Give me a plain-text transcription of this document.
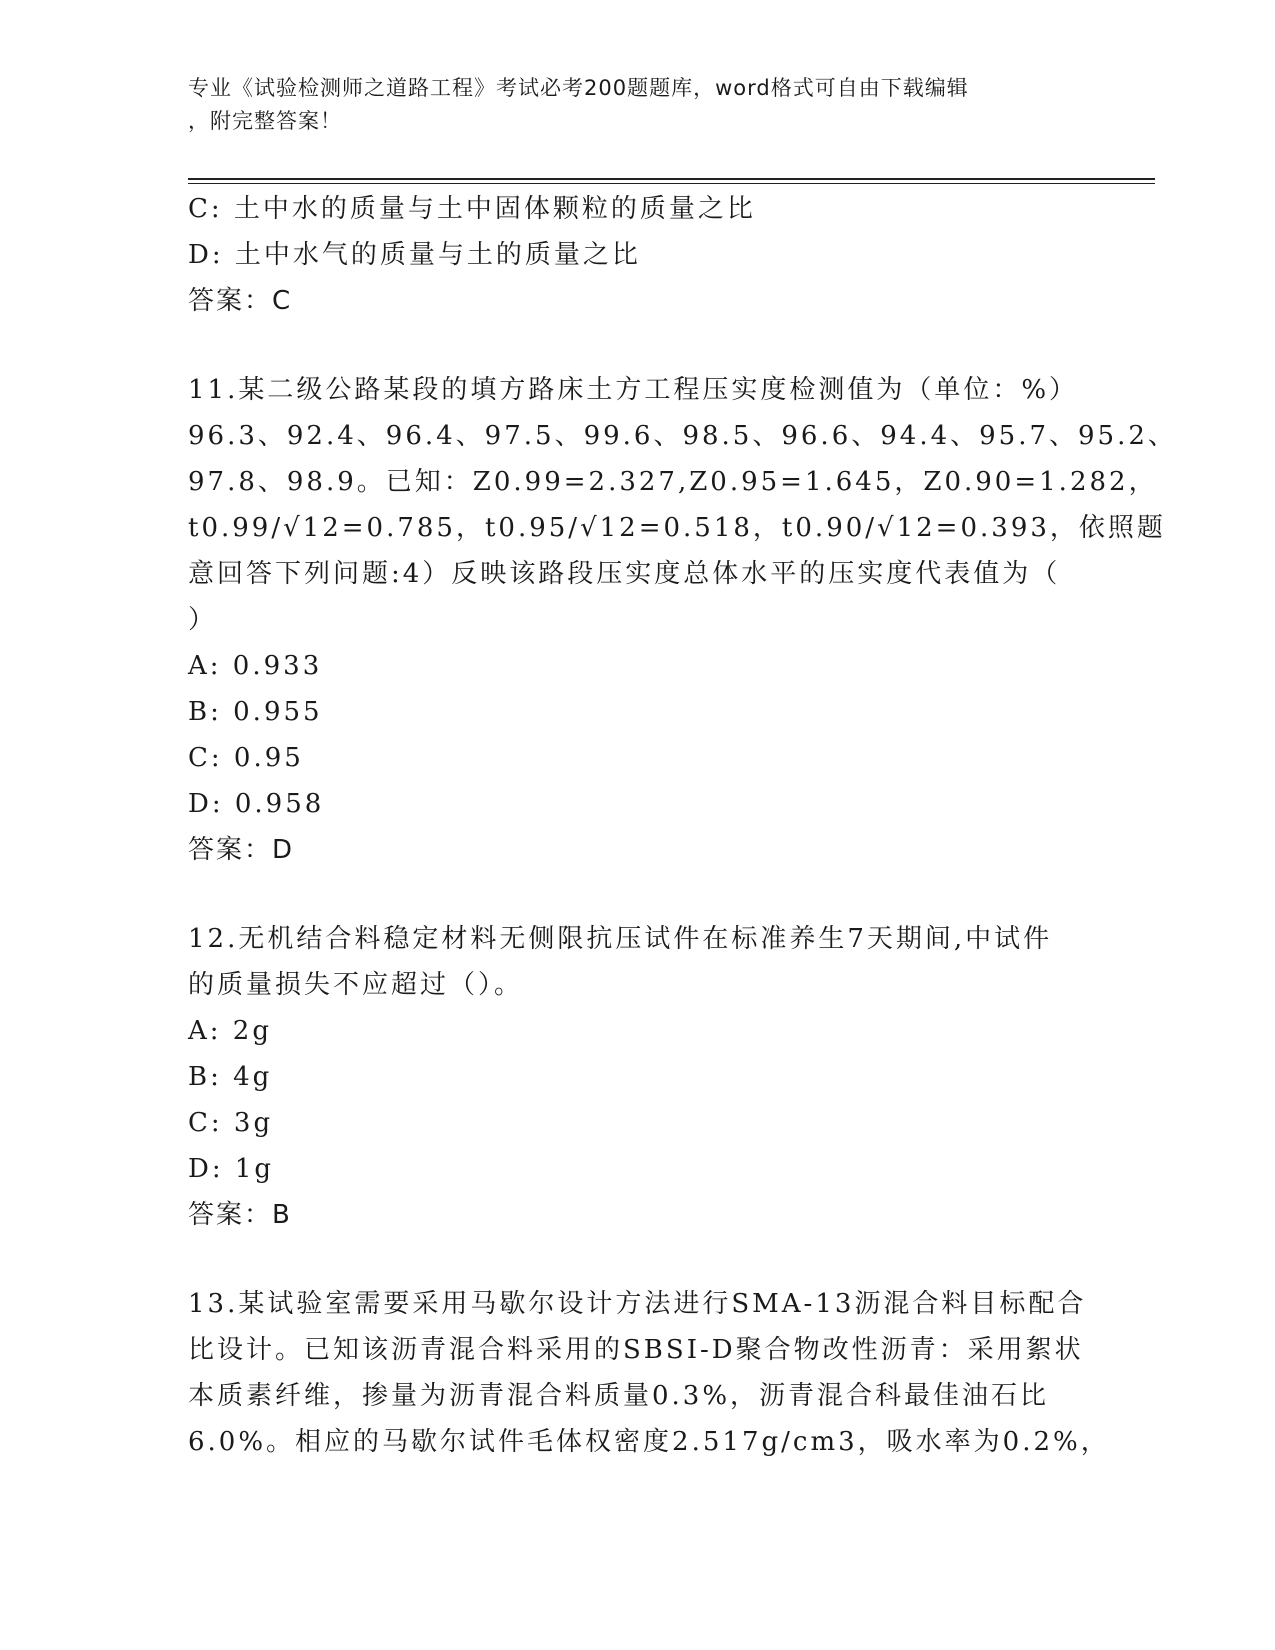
专业《试验检测师之道路工程》考试必考200题题库，word格式可自由下载编辑
，附完整答案！
C: 土中水的质量与土中固体颗粒的质量之比
D: 土中水气的质量与土的质量之比
答案：C
11.某二级公路某段的填方路床土方工程压实度检测值为（单位：%）
96.3、92.4、96.4、97.5、99.6、98.5、96.6、94.4、95.7、95.2、
97.8、98.9。已知：Z0.99=2.327,Z0.95=1.645，Z0.90=1.282，
t0.99/√12=0.785，t0.95/√12=0.518，t0.90/√12=0.393，依照题
意回答下列问题:4）反映该路段压实度总体水平的压实度代表值为（
）
A: 0.933
B: 0.955
C: 0.95
D: 0.958
答案：D
12.无机结合料稳定材料无侧限抗压试件在标准养生7天期间,中试件
的质量损失不应超过（）。
A: 2g
B: 4g
C: 3g
D: 1g
答案：B
13.某试验室需要采用马歇尔设计方法进行SMA-13沥混合料目标配合
比设计。已知该沥青混合料采用的SBSI-D聚合物改性沥青：采用絮状
本质素纤维，掺量为沥青混合料质量0.3%，沥青混合科最佳油石比
6.0%。相应的马歇尔试件毛体权密度2.517g/cm3，吸水率为0.2%，
